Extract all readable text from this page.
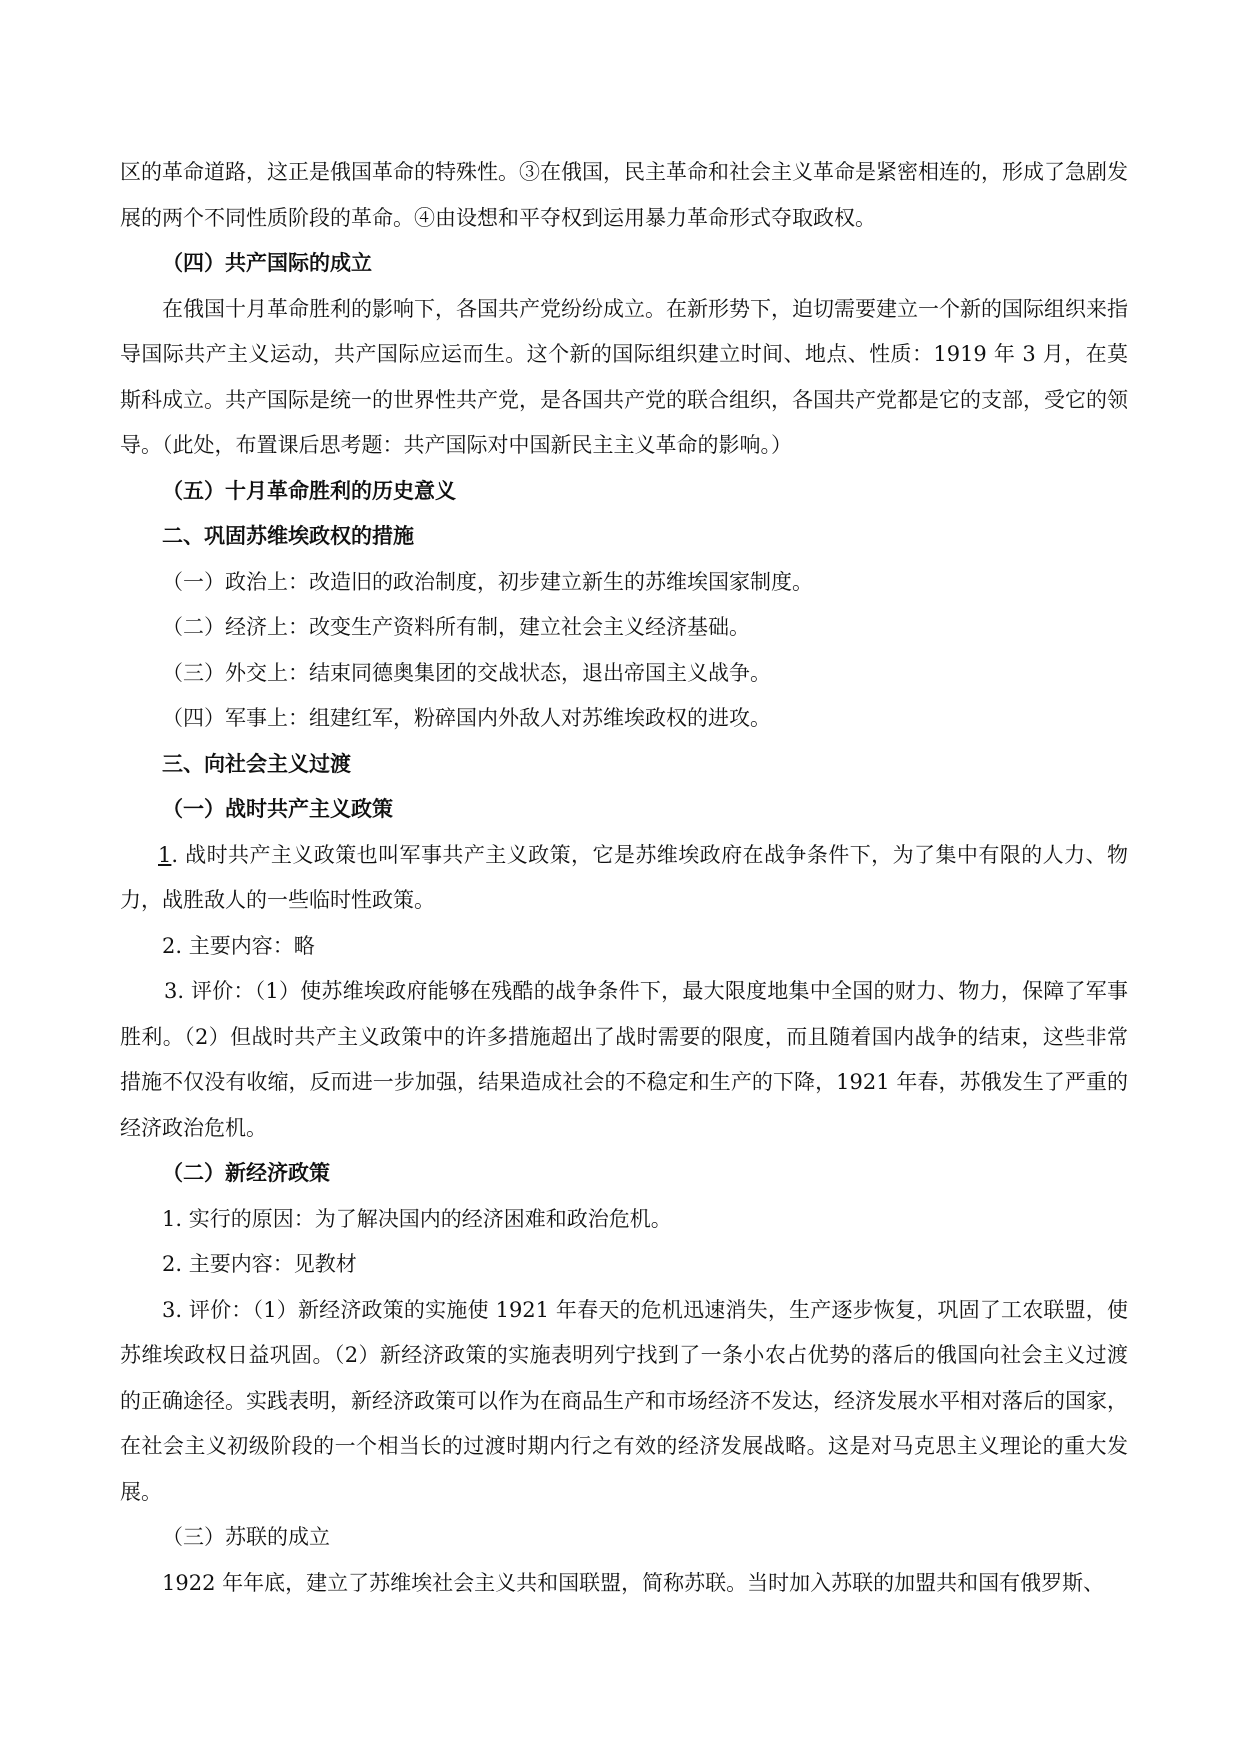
区的革命道路，这正是俄国革命的特殊性。③在俄国，民主革命和社会主义革命是紧密相连的，形成了急剧发展的两个不同性质阶段的革命。④由设想和平夺权到运用暴力革命形式夺取政权。

（四）共产国际的成立

在俄国十月革命胜利的影响下，各国共产党纷纷成立。在新形势下，迫切需要建立一个新的国际组织来指导国际共产主义运动，共产国际应运而生。这个新的国际组织建立时间、地点、性质：1919 年 3 月，在莫斯科成立。共产国际是统一的世界性共产党，是各国共产党的联合组织，各国共产党都是它的支部，受它的领导。（此处，布置课后思考题：共产国际对中国新民主主义革命的影响。）

（五）十月革命胜利的历史意义

二、巩固苏维埃政权的措施

（一）政治上：改造旧的政治制度，初步建立新生的苏维埃国家制度。

（二）经济上：改变生产资料所有制，建立社会主义经济基础。

（三）外交上：结束同德奥集团的交战状态，退出帝国主义战争。

（四）军事上：组建红军，粉碎国内外敌人对苏维埃政权的进攻。

三、向社会主义过渡

（一）战时共产主义政策

1. 战时共产主义政策也叫军事共产主义政策，它是苏维埃政府在战争条件下，为了集中有限的人力、物力，战胜敌人的一些临时性政策。

2. 主要内容：略

3. 评价：（1）使苏维埃政府能够在残酷的战争条件下，最大限度地集中全国的财力、物力，保障了军事胜利。（2）但战时共产主义政策中的许多措施超出了战时需要的限度，而且随着国内战争的结束，这些非常措施不仅没有收缩，反而进一步加强，结果造成社会的不稳定和生产的下降，1921 年春，苏俄发生了严重的经济政治危机。

（二）新经济政策

1. 实行的原因：为了解决国内的经济困难和政治危机。

2. 主要内容：见教材

3. 评价：（1）新经济政策的实施使 1921 年春天的危机迅速消失，生产逐步恢复，巩固了工农联盟，使苏维埃政权日益巩固。（2）新经济政策的实施表明列宁找到了一条小农占优势的落后的俄国向社会主义过渡的正确途径。实践表明，新经济政策可以作为在商品生产和市场经济不发达，经济发展水平相对落后的国家，在社会主义初级阶段的一个相当长的过渡时期内行之有效的经济发展战略。这是对马克思主义理论的重大发展。

（三）苏联的成立

1922 年年底，建立了苏维埃社会主义共和国联盟，简称苏联。当时加入苏联的加盟共和国有俄罗斯、
